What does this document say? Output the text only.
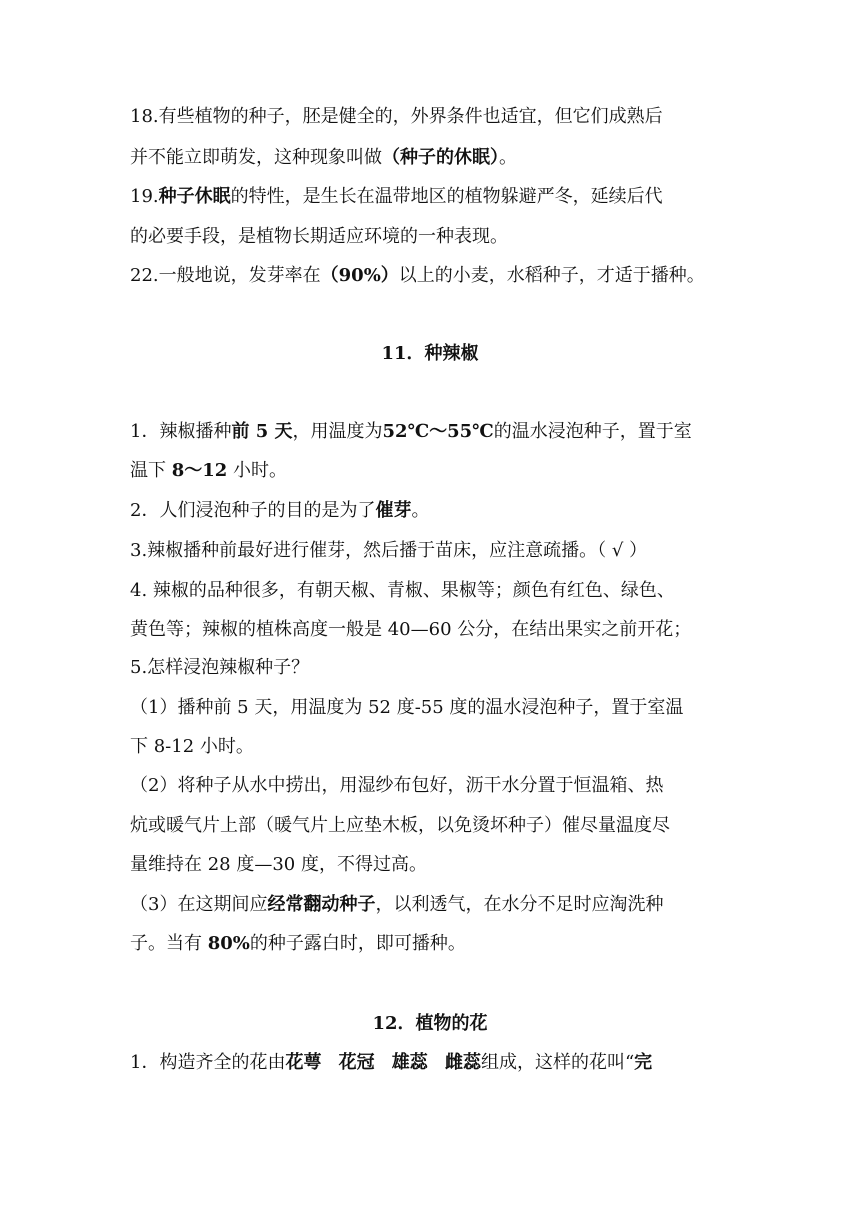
18.有些植物的种子，胚是健全的，外界条件也适宜，但它们成熟后
并不能立即萌发，这种现象叫做（种子的休眠）。
19.种子休眠的特性，是生长在温带地区的植物躲避严冬，延续后代
的必要手段，是植物长期适应环境的一种表现。
22.一般地说，发芽率在（90%）以上的小麦，水稻种子，才适于播种。
11．种辣椒
1．辣椒播种前 5 天，用温度为52℃～55℃的温水浸泡种子，置于室
温下 8～12 小时。
2．人们浸泡种子的目的是为了催芽。
3.辣椒播种前最好进行催芽，然后播于苗床，应注意疏播。（ √ ）
4. 辣椒的品种很多，有朝天椒、青椒、果椒等；颜色有红色、绿色、
黄色等；辣椒的植株高度一般是 40—60 公分，在结出果实之前开花；
5.怎样浸泡辣椒种子？
（1）播种前 5 天，用温度为 52 度-55 度的温水浸泡种子，置于室温
下 8-12 小时。
（2）将种子从水中捞出，用湿纱布包好，沥干水分置于恒温箱、热
炕或暖气片上部（暖气片上应垫木板，以免烫坏种子）催尽量温度尽
量维持在 28 度—30 度，不得过高。
（3）在这期间应经常翻动种子，以利透气，在水分不足时应淘洗种
子。当有 80%的种子露白时，即可播种。
12．植物的花
1．构造齐全的花由花萼 花冠 雄蕊 雌蕊组成，这样的花叫“完
